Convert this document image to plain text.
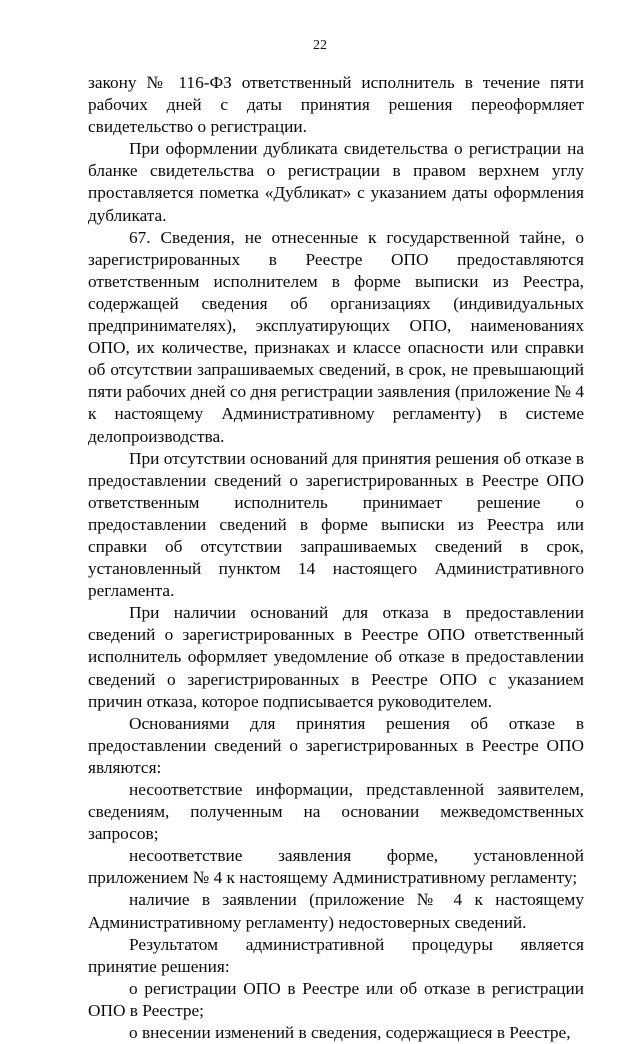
22

закону № 116-ФЗ ответственный исполнитель в течение пяти рабочих дней с даты принятия решения переоформляет свидетельство о регистрации.

При оформлении дубликата свидетельства о регистрации на бланке свидетельства о регистрации в правом верхнем углу проставляется пометка «Дубликат» с указанием даты оформления дубликата.

67. Сведения, не отнесенные к государственной тайне, о зарегистрированных в Реестре ОПО предоставляются ответственным исполнителем в форме выписки из Реестра, содержащей сведения об организациях (индивидуальных предпринимателях), эксплуатирующих ОПО, наименованиях ОПО, их количестве, признаках и классе опасности или справки об отсутствии запрашиваемых сведений, в срок, не превышающий пяти рабочих дней со дня регистрации заявления (приложение № 4 к настоящему Административному регламенту) в системе делопроизводства.

При отсутствии оснований для принятия решения об отказе в предоставлении сведений о зарегистрированных в Реестре ОПО ответственным исполнитель принимает решение о предоставлении сведений в форме выписки из Реестра или справки об отсутствии запрашиваемых сведений в срок, установленный пунктом 14 настоящего Административного регламента.

При наличии оснований для отказа в предоставлении сведений о зарегистрированных в Реестре ОПО ответственный исполнитель оформляет уведомление об отказе в предоставлении сведений о зарегистрированных в Реестре ОПО с указанием причин отказа, которое подписывается руководителем.

Основаниями для принятия решения об отказе в предоставлении сведений о зарегистрированных в Реестре ОПО являются:

несоответствие информации, представленной заявителем, сведениям, полученным на основании межведомственных запросов;

несоответствие заявления форме, установленной приложением № 4 к настоящему Административному регламенту;

наличие в заявлении (приложение № 4 к настоящему Административному регламенту) недостоверных сведений.

Результатом административной процедуры является принятие решения:

о регистрации ОПО в Реестре или об отказе в регистрации ОПО в Реестре;

о внесении изменений в сведения, содержащиеся в Реестре,
